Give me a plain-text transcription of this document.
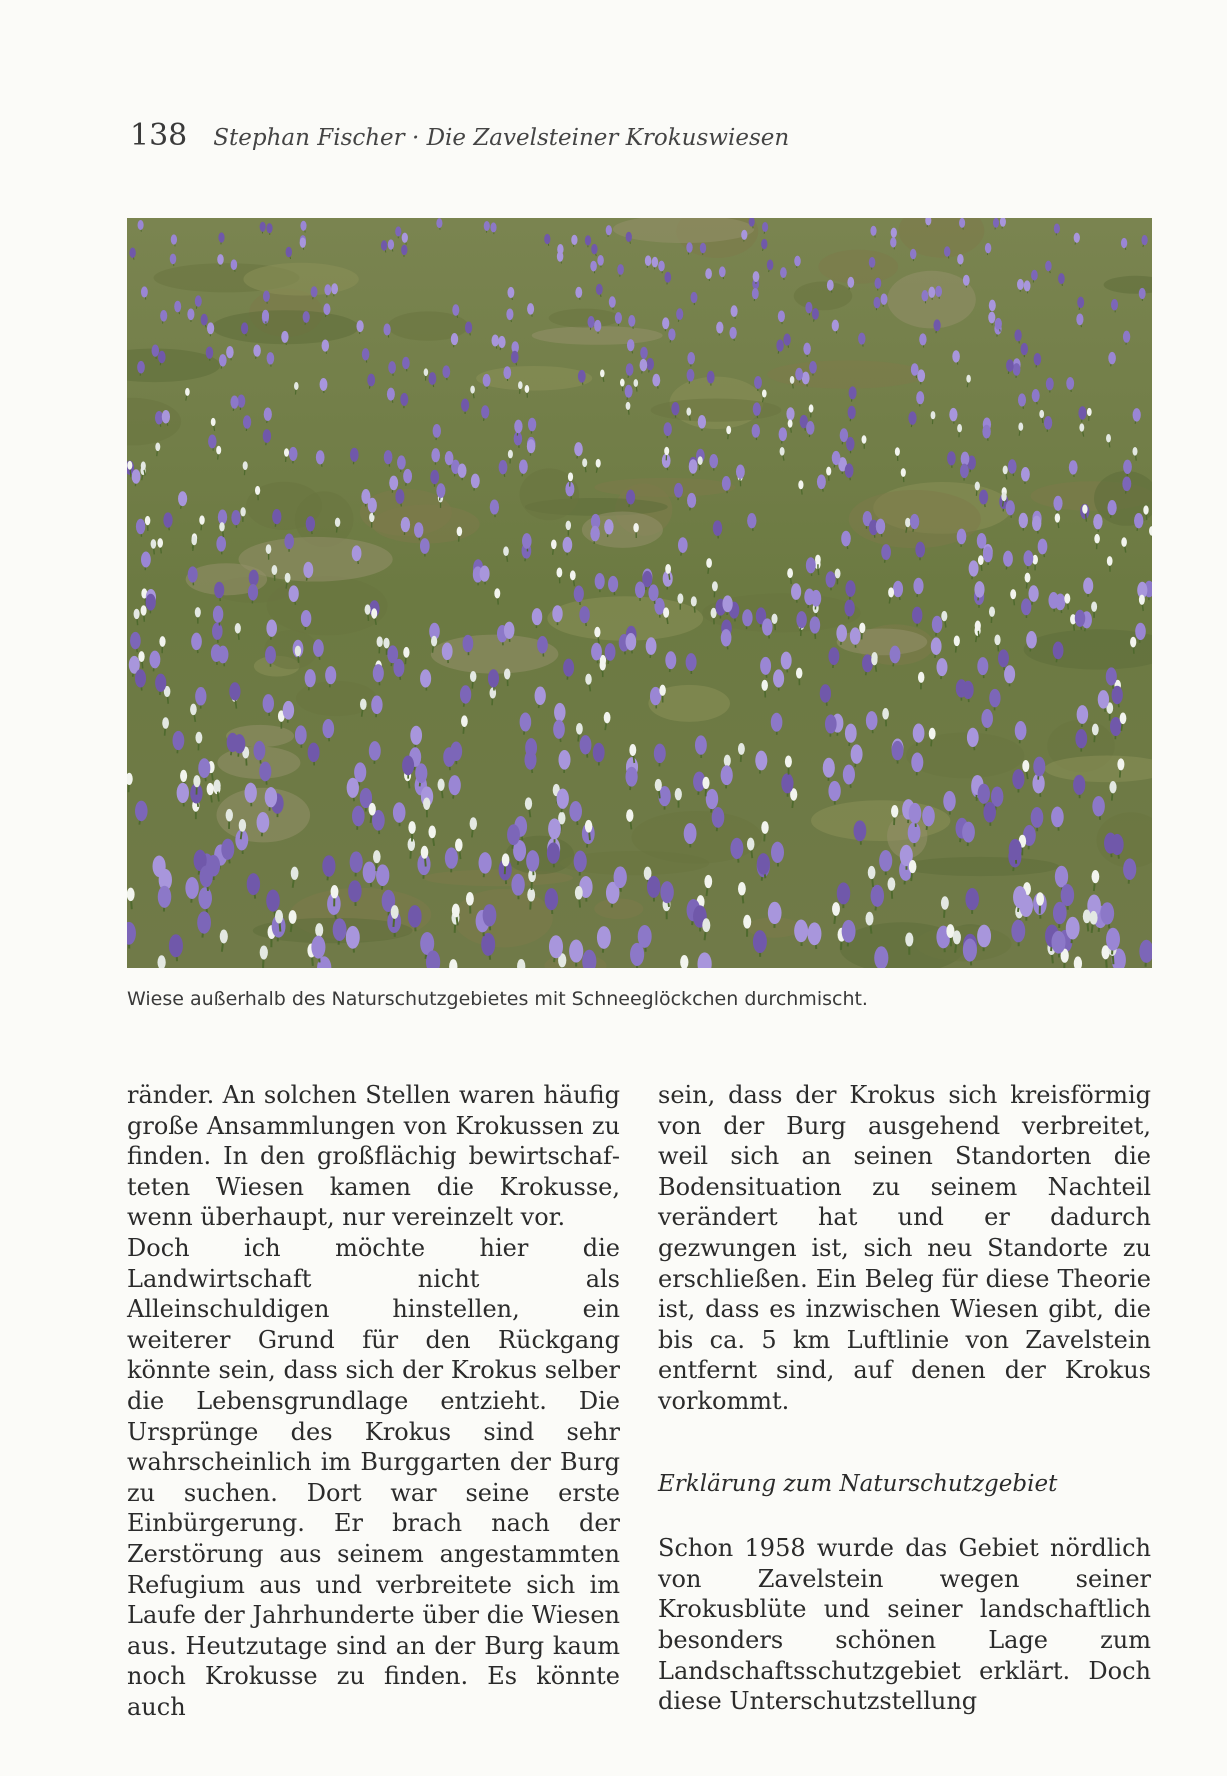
138 Stephan Fischer · Die Zavelsteiner Krokuswiesen
Wiese außerhalb des Naturschutzgebietes mit Schneeglöckchen durchmischt.

ränder. An solchen Stellen waren häufig große Ansammlungen von Krokussen zu finden. In den großflächig bewirtschafteten Wiesen kamen die Krokusse, wenn überhaupt, nur vereinzelt vor.

Doch ich möchte hier die Landwirtschaft nicht als Alleinschuldigen hinstellen, ein weiterer Grund für den Rückgang könnte sein, dass sich der Krokus selber die Lebensgrundlage entzieht. Die Ursprünge des Krokus sind sehr wahrscheinlich im Burggarten der Burg zu suchen. Dort war seine erste Einbürgerung. Er brach nach der Zerstörung aus seinem angestammten Refugium aus und verbreitete sich im Laufe der Jahrhunderte über die Wiesen aus. Heutzutage sind an der Burg kaum noch Krokusse zu finden. Es könnte auch

sein, dass der Krokus sich kreisförmig von der Burg ausgehend verbreitet, weil sich an seinen Standorten die Bodensituation zu seinem Nachteil verändert hat und er dadurch gezwungen ist, sich neu Standorte zu erschließen. Ein Beleg für diese Theorie ist, dass es inzwischen Wiesen gibt, die bis ca. 5 km Luftlinie von Zavelstein entfernt sind, auf denen der Krokus vorkommt.

Erklärung zum Naturschutzgebiet

Schon 1958 wurde das Gebiet nördlich von Zavelstein wegen seiner Krokusblüte und seiner landschaftlich besonders schönen Lage zum Landschaftsschutzgebiet erklärt. Doch diese Unterschutzstellung
